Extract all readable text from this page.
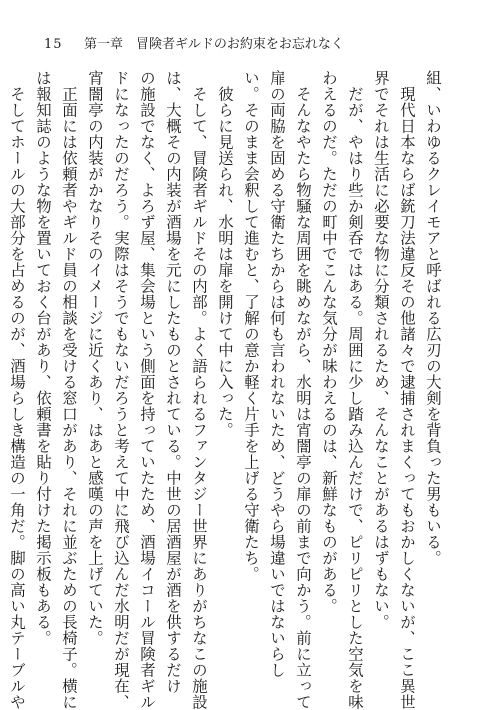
15 第一章　冒険者ギルドのお約束をお忘れなく
組、いわゆるクレイモアと呼ばれる広刃の大剣を背負った男もいる。
　現代日本ならば銃刀法違反その他諸々で逮捕されまくってもおかしくないが、ここ異世
界でそれは生活に必要な物に分類されるため、そんなことがあるはずもない。
　だが、やはり些か剣呑ではある。周囲に少し踏み込んだけで、ピリピリとした空気を味
わえるのだ。ただの町中でこんな気分が味わえるのは、新鮮なものがある。
　そんなやたら物騒な周囲を眺めながら、水明は宵闇亭の扉の前まで向かう。前に立って
扉の両脇を固める守衛たちからは何も言われないため、どうやら場違いではないらし
い。そのまま会釈して進むと、了解の意か軽く片手を上げる守衛たち。
　彼らに見送られ、水明は扉を開けて中に入った。
　そして、冒険者ギルドその内部。よく語られるファンタジー世界にありがちなこの施設
は、大概その内装が酒場を元にしたものとされている。中世の居酒屋が酒を供するだけ
の施設でなく、よろず屋、集会場という側面を持っていたため、酒場イコール冒険者ギル
ドになったのだろう。実際はそうでもないだろうと考えて中に飛び込んだ水明だが現在、
宵闇亭の内装がかなりそのイメージに近くあり、はあと感嘆の声を上げていた。
　正面には依頼者やギルド員の相談を受ける窓口があり、それに並ぶための長椅子。横に
は報知誌のような物を置いておく台があり、依頼書を貼り付けた掲示板もある。
　そしてホールの大部分を占めるのが、酒場らしき構造の一角だ。脚の高い丸テーブルや
